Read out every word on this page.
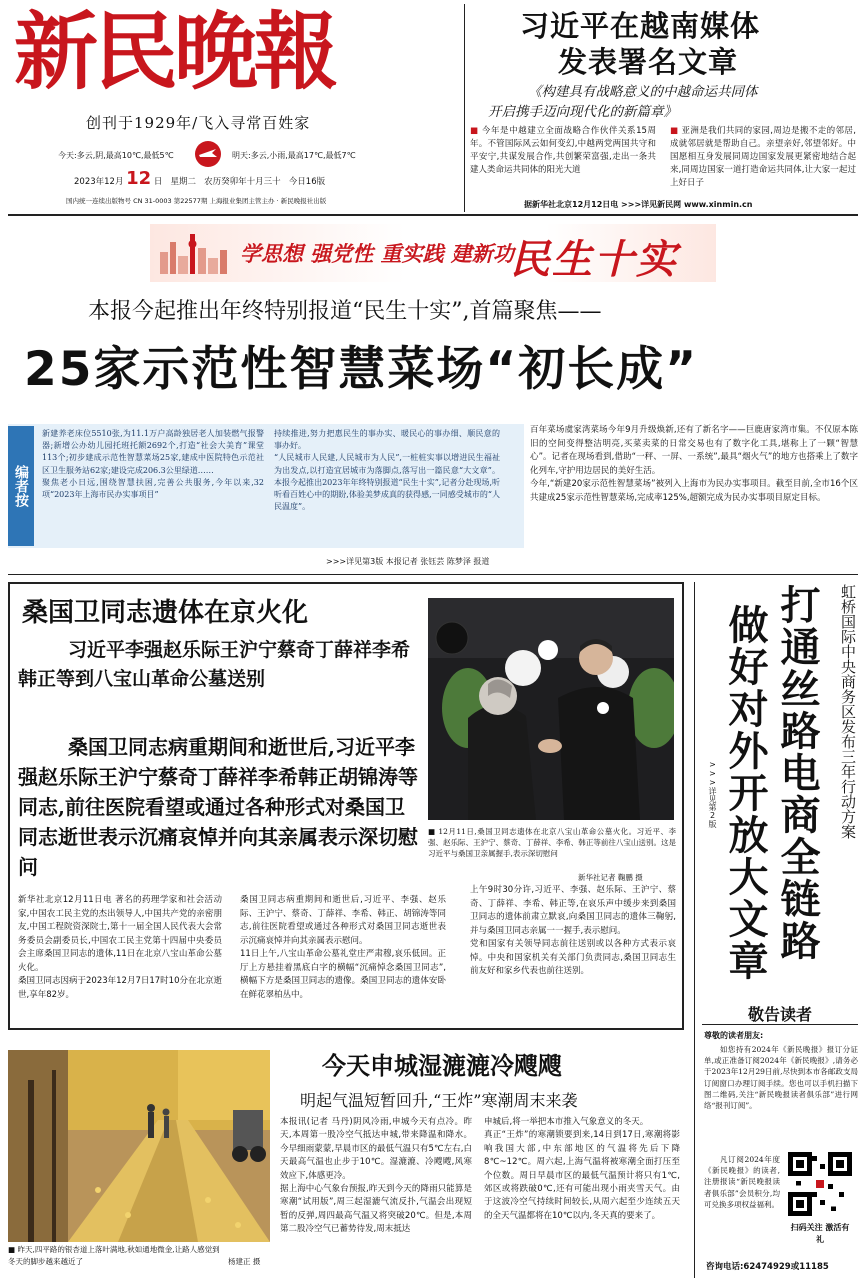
新民晚報
创刊于1929年/飞入寻常百姓家
今天:多云,阴,最高10℃,最低5℃	明天:多云,小雨,最高17℃,最低7℃
2023年12月 12 日 星期二 农历癸卯年十月三十 今日16版
国内统一连续出版物号 CN 31-0003 第22577期 上海报业集团主管主办 · 新民晚报社出版
习近平在越南媒体
发表署名文章
《构建具有战略意义的中越命运共同体
开启携手迈向现代化的新篇章》
■ 今年是中越建立全面战略合作伙伴关系15周年。不管国际风云如何变幻,中越两党两国共守和平安宁,共谋发展合作,共创繁荣富强,走出一条共建人类命运共同体的阳光大道
■ 亚洲是我们共同的家园,周边是搬不走的邻居,成就邻居就是帮助自己。亲望亲好,邻望邻好。中国愿相互身发展同周边国家发展更紧密地结合起来,同周边国家一道打造命运共同体,让大家一起过上好日子
据新华社北京12月12日电 >>>详见新民网 www.xinmin.cn
学思想 强党性 重实践 建新功
民生十实
本报今起推出年终特别报道“民生十实”,首篇聚焦——
25家示范性智慧菜场“初长成”
编者按
新建养老床位5510张,为11.1万户高龄独居老人加装燃气报警器;新增公办幼儿园托班托额2692个,打造“社会大美育”课堂113个;初步建成示范性智慧菜场25家,建成中医院特色示范社区卫生服务站62家;建设完成206.3公里绿道……
聚焦老小日远,围绕智慧扶困,完善公共服务,今年以来,32项“2023年上海市民办实事项目”
持续推进,努力把惠民生的事办实、暖民心的事办细、顺民意的事办好。
“人民城市人民建,人民城市为人民”,一桩桩实事以增进民生福祉为出发点,以打造宜居城市为落脚点,落写出一篇民意“大文章”。本报今起推出2023年年终特别报道“民生十实”,记者分赴现场,听听看百姓心中的期盼,体验美梦成真的获得感,一同感受城市的“人民温度”。
百年菜场虞家湾菜场今年9月升级焕新,还有了新名字——巨鹿唐家湾市集。不仅原本陈旧的空间变得整洁明亮,买菜卖菜的日常交易也有了数字化工具,堪称上了一颗“智慧心”。记者在现场看到,借助“一秤、一屏、一系统”,最具“烟火气”的地方也搭乘上了数字化列车,守护用边居民的美好生活。
今年,“新建20家示范性智慧菜场”被列入上海市为民办实事项目。截至目前,全市16个区共建成25家示范性智慧菜场,完成率125%,超额完成为民办实事项目原定目标。
>>>详见第3版 本报记者 张钰芸 陈梦泽 报道
桑国卫同志遗体在京火化
习近平李强赵乐际王沪宁蔡奇丁薛祥李希韩正等到八宝山革命公墓送别
桑国卫同志病重期间和逝世后,习近平李强赵乐际王沪宁蔡奇丁薛祥李希韩正胡锦涛等同志,前往医院看望或通过各种形式对桑国卫同志逝世表示沉痛哀悼并向其亲属表示深切慰问
■ 12月11日,桑国卫同志遗体在北京八宝山革命公墓火化。习近平、李强、赵乐际、王沪宁、蔡奇、丁薛祥、李希、韩正等前往八宝山送别。这是习近平与桑国卫亲属握手,表示深切慰问
新华社记者 鞠鹏 摄
新华社北京12月11日电 著名的药理学家和社会活动家,中国农工民主党的杰出领导人,中国共产党的亲密朋友,中国工程院资深院士,第十一届全国人民代表大会常务委员会副委员长,中国农工民主党第十四届中央委员会主席桑国卫同志的遗体,11日在北京八宝山革命公墓火化。
桑国卫同志因病于2023年12月7日17时10分在北京逝世,享年82岁。
桑国卫同志病重期间和逝世后,习近平、李强、赵乐际、王沪宁、蔡奇、丁薛祥、李希、韩正、胡锦涛等同志,前往医院看望或通过各种形式对桑国卫同志逝世表示沉痛哀悼并向其亲属表示慰问。
11日上午,八宝山革命公墓礼堂庄严肃穆,哀乐低回。正厅上方悬挂着黑底白字的横幅“沉痛悼念桑国卫同志”,横幅下方是桑国卫同志的遗像。桑国卫同志的遗体安卧在鲜花翠柏丛中。
上午9时30分许,习近平、李强、赵乐际、王沪宁、蔡奇、丁薛祥、李希、韩正等,在哀乐声中缓步来到桑国卫同志的遗体前肃立默哀,向桑国卫同志的遗体三鞠躬,并与桑国卫同志亲属一一握手,表示慰问。
党和国家有关领导同志前往送别或以各种方式表示哀悼。中央和国家机关有关部门负责同志,桑国卫同志生前友好和家乡代表也前往送别。
虹桥国际中央商务区发布三年行动方案
打通丝路电商全链路
做好对外开放大文章
>>>详见第2版
敬告读者
尊敬的读者朋友:
如您持有2024年《新民晚报》报订分证单,或正准备订阅2024年《新民晚报》,请务必于2023年12月29日前,尽快到本市各邮政支局订阅窗口办理订阅手续。您也可以手机扫描下图二维码,关注“新民晚报读者俱乐部”进行网络“报刊订阅”。
凡订阅2024年度《新民晚报》的读者,注册报读“新民晚报读者俱乐部”会员积分,均可兑换多项权益福利。
扫码关注 激活有礼
咨询电话:62474929或11185
■ 昨天,四平路的银杏道上落叶满地,秋如通地微金,让路人感觉到冬天的脚步越来越近了	杨建正 摄
今天申城湿漉漉冷飕飕
明起气温短暂回升,“王炸”寒潮周末来袭
本报讯(记者 马丹)阴风冷雨,申城今天有点冷。昨天,本周第一股冷空气抵达申城,带来降温和降水。今早细雨蒙蒙,早晨市区的最低气温只有5℃左右,白天最高气温也止步于10℃。湿漉漉、冷飕飕,风寒效应下,体感更冷。
据上海中心气象台预报,昨天到今天的降雨只能算是寒潮“试用版”,周三起湿漉气流反扑,气温会出现短暂的反弹,周四最高气温又将突破20℃。但是,本周第二股冷空气已蓄势待发,周末抵达
申城后,将一举把本市推入气象意义的冬天。
真正“王炸”的寒潮锁要到来,14日到17日,寒潮将影响我国大部,中东部地区的气温将先后下降8℃~12℃。周六起,上海气温将被寒潮全面打压至个位数。周日早晨市区的最低气温预计将只有1℃,郊区或将跌破0℃,还有可能出现小雨夹雪天气。由于这波冷空气持续时间较长,从周六起至少连续五天的全天气温都将在10℃以内,冬天真的要来了。
